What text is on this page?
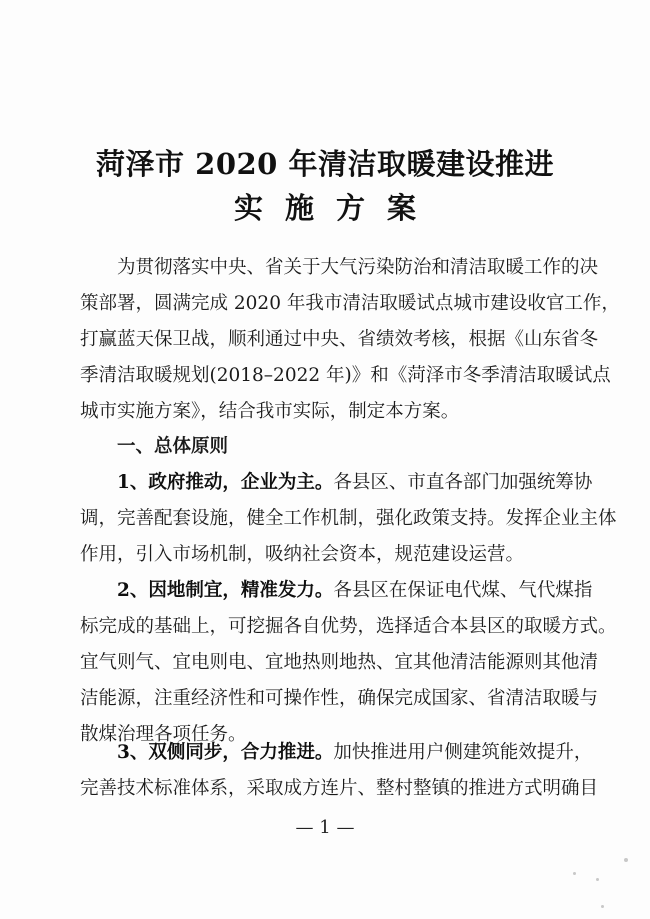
菏泽市 2020 年清洁取暖建设推进
实施方案
为贯彻落实中央、省关于大气污染防治和清洁取暖工作的决
策部署，圆满完成 2020 年我市清洁取暖试点城市建设收官工作，
打赢蓝天保卫战，顺利通过中央、省绩效考核，根据《山东省冬
季清洁取暖规划(2018–2022 年)》和《菏泽市冬季清洁取暖试点
城市实施方案》，结合我市实际，制定本方案。
一、总体原则
1、政府推动，企业为主。各县区、市直各部门加强统筹协
调，完善配套设施，健全工作机制，强化政策支持。发挥企业主体
作用，引入市场机制，吸纳社会资本，规范建设运营。
2、因地制宜，精准发力。各县区在保证电代煤、气代煤指
标完成的基础上，可挖掘各自优势，选择适合本县区的取暖方式。
宜气则气、宜电则电、宜地热则地热、宜其他清洁能源则其他清
洁能源，注重经济性和可操作性，确保完成国家、省清洁取暖与
散煤治理各项任务。
3、双侧同步，合力推进。加快推进用户侧建筑能效提升，
完善技术标准体系，采取成方连片、整村整镇的推进方式明确目
— 1 —
